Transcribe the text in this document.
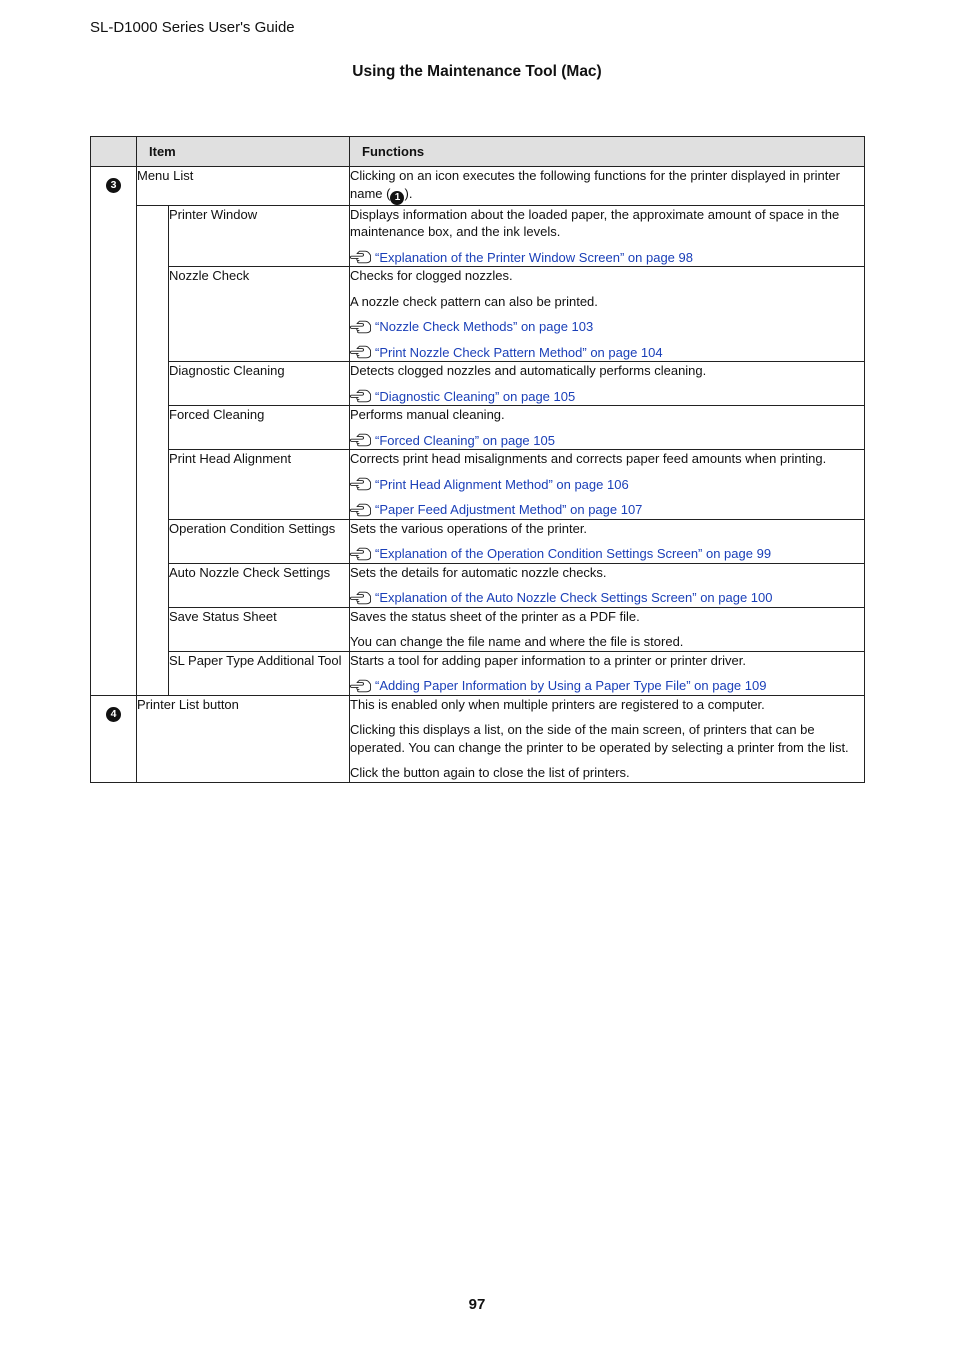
SL-D1000 Series User's Guide
Using the Maintenance Tool (Mac)
	Item		Functions
3	Menu List		Clicking on an icon executes the following functions for the printer displayed in printer name ( 1 ).
		Printer Window	Displays information about the loaded paper, the approximate amount of space in the maintenance box, and the ink levels.
“Explanation of the Printer Window Screen” on page 98

		Nozzle Check	Checks for clogged nozzles.
A nozzle check pattern can also be printed.
“Nozzle Check Methods” on page 103
“Print Nozzle Check Pattern Method” on page 104

		Diagnostic Cleaning	Detects clogged nozzles and automatically performs cleaning.
“Diagnostic Cleaning” on page 105

		Forced Cleaning	Performs manual cleaning.
“Forced Cleaning” on page 105

		Print Head Alignment	Corrects print head misalignments and corrects paper feed amounts when printing.
“Print Head Alignment Method” on page 106
“Paper Feed Adjustment Method” on page 107

		Operation Condition Settings	Sets the various operations of the printer.
“Explanation of the Operation Condition Settings Screen” on page 99

		Auto Nozzle Check Settings	Sets the details for automatic nozzle checks.
“Explanation of the Auto Nozzle Check Settings Screen” on page 100

		Save Status Sheet	Saves the status sheet of the printer as a PDF file.
You can change the file name and where the file is stored.

		SL Paper Type Additional Tool	Starts a tool for adding paper information to a printer or printer driver.
“Adding Paper Information by Using a Paper Type File” on page 109

4	Printer List button		This is enabled only when multiple printers are registered to a computer.
Clicking this displays a list, on the side of the main screen, of printers that can be operated. You can change the printer to be operated by selecting a printer from the list.
Click the button again to close the list of printers.
97
